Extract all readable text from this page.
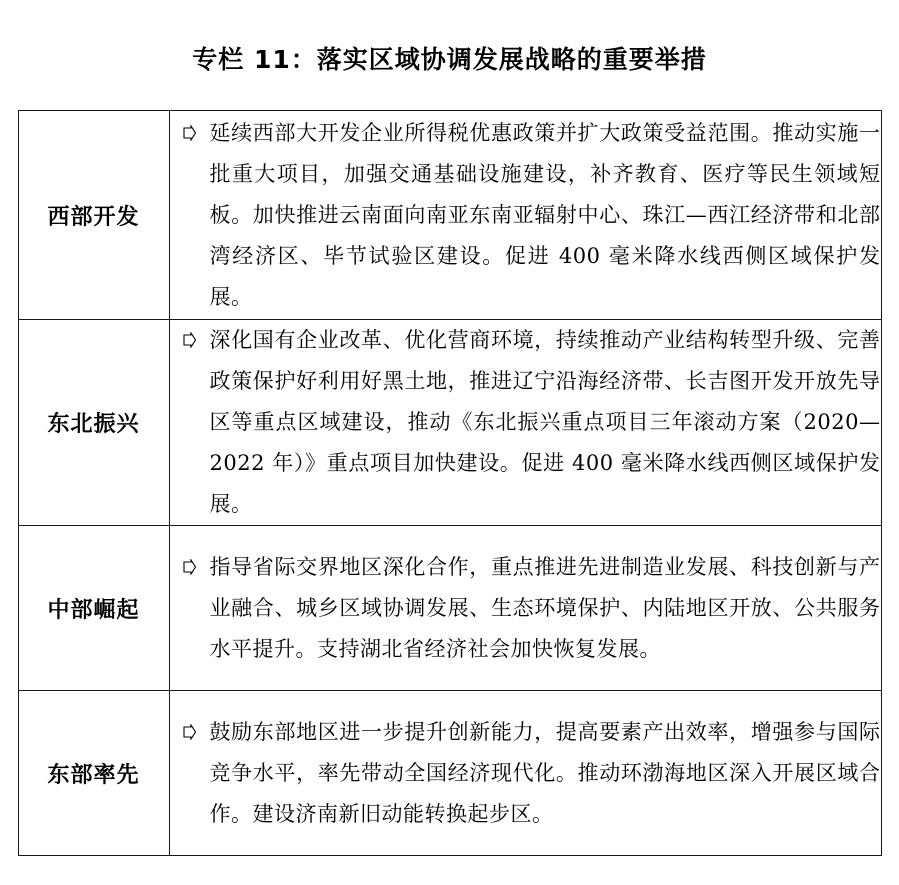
专栏 11：落实区域协调发展战略的重要举措
西部开发	延续西部大开发企业所得税优惠政策并扩大政策受益范围。推动实施一批重大项目，加强交通基础设施建设，补齐教育、医疗等民生领域短板。加快推进云南面向南亚东南亚辐射中心、珠江—西江经济带和北部湾经济区、毕节试验区建设。促进 400 毫米降水线西侧区域保护发展。

东北振兴	深化国有企业改革、优化营商环境，持续推动产业结构转型升级、完善政策保护好利用好黑土地，推进辽宁沿海经济带、长吉图开发开放先导区等重点区域建设，推动《东北振兴重点项目三年滚动方案（2020—2022 年）》重点项目加快建设。促进 400 毫米降水线西侧区域保护发展。

中部崛起	指导省际交界地区深化合作，重点推进先进制造业发展、科技创新与产业融合、城乡区域协调发展、生态环境保护、内陆地区开放、公共服务水平提升。支持湖北省经济社会加快恢复发展。

东部率先	鼓励东部地区进一步提升创新能力，提高要素产出效率，增强参与国际竞争水平，率先带动全国经济现代化。推动环渤海地区深入开展区域合作。建设济南新旧动能转换起步区。
